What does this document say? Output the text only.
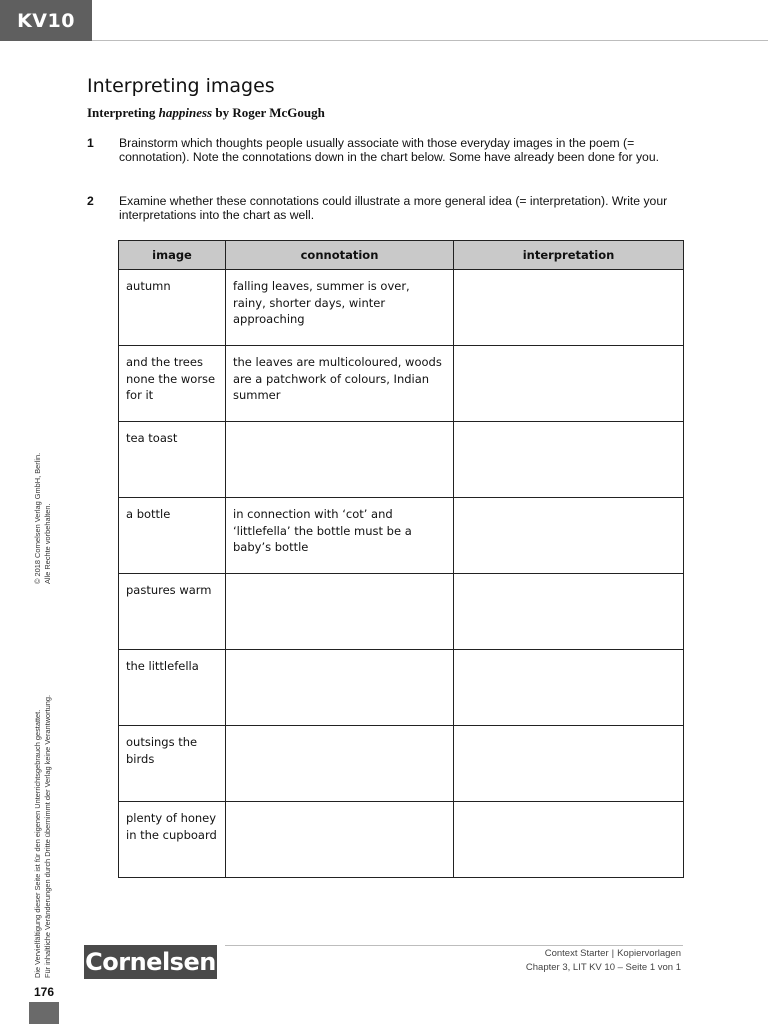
KV10
Interpreting images
Interpreting happiness by Roger McGough
1 Brainstorm which thoughts people usually associate with those everyday images in the poem (= connotation). Note the connotations down in the chart below. Some have already been done for you.
2 Examine whether these connotations could illustrate a more general idea (= interpretation). Write your interpretations into the chart as well.
image	connotation	interpretation
autumn	falling leaves, summer is over, rainy, shorter days, winter approaching	
and the trees none the worse for it	the leaves are multicoloured, woods are a patchwork of colours, Indian summer	
tea toast		
a bottle	in connection with ‘cot’ and ‘littlefella’ the bottle must be a baby’s bottle	
pastures warm		
the littlefella		
outsings the birds		
plenty of honey in the cupboard		
© 2018 Cornelsen Verlag GmbH, Berlin. Alle Rechte vorbehalten.
Die Vervielfältigung dieser Seite ist für den eigenen Unterrichtsgebrauch gestattet. Für inhaltliche Veränderungen durch Dritte übernimmt der Verlag keine Verantwortung. Cornelsen	Context Starter | Kopiervorlagen
Chapter 3, LIT KV 10 – Seite 1 von 1
176
